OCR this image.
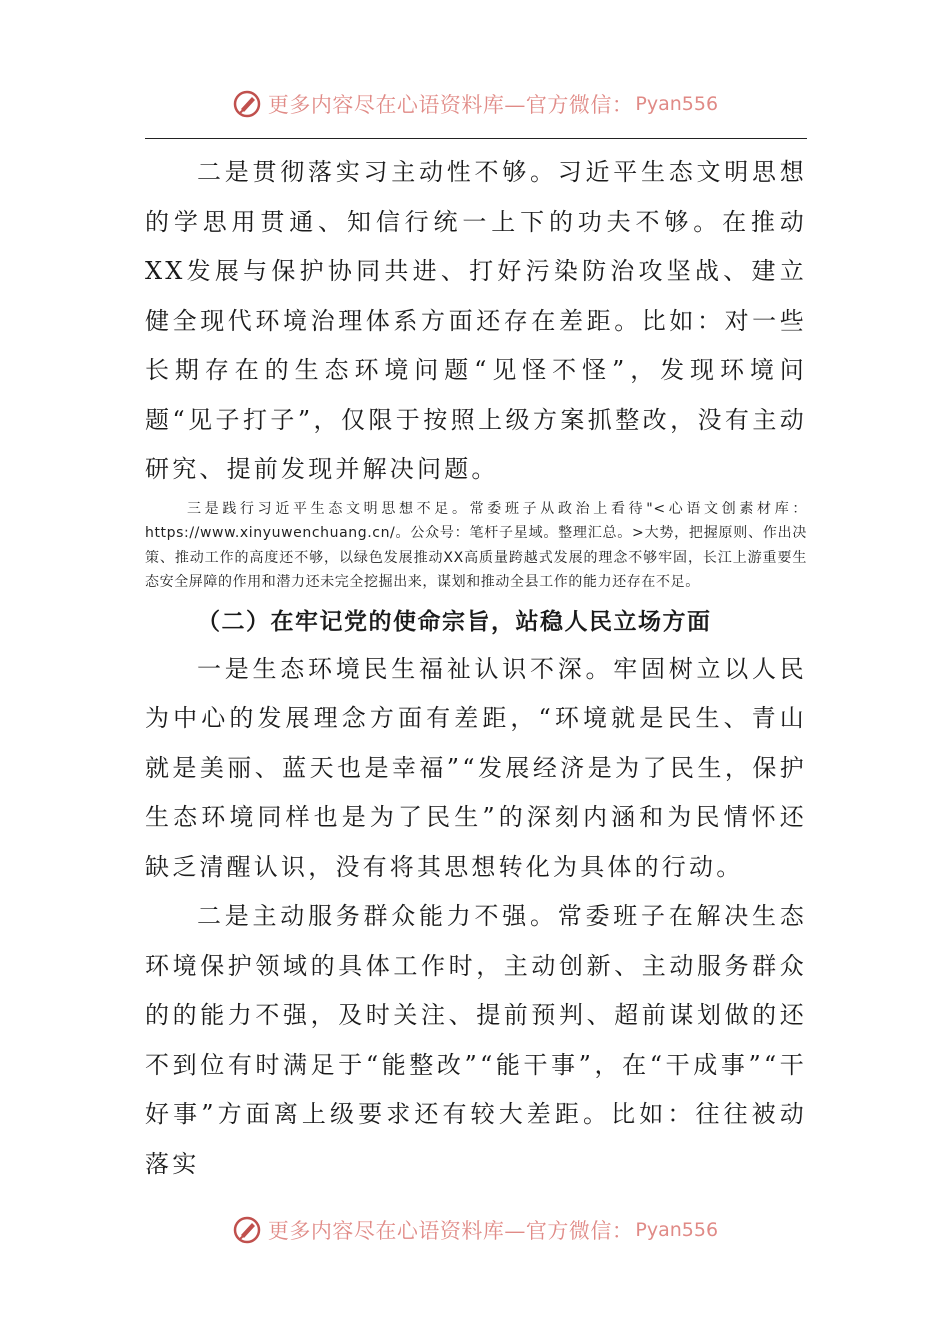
更多内容尽在心语资料库—官方微信： Pyan556

二是贯彻落实习主动性不够。习近平生态文明思想的学思用贯通、知信行统一上下的功夫不够。在推动XX发展与保护协同共进、打好污染防治攻坚战、建立健全现代环境治理体系方面还存在差距。比如：对一些长期存在的生态环境问题“见怪不怪”，发现环境问题“见子打子”，仅限于按照上级方案抓整改，没有主动研究、提前发现并解决问题。

三是践行习近平生态文明思想不足。常委班子从政治上看待"<心语文创素材库：https://www.xinyuwenchuang.cn/。公众号：笔杆子星域。整理汇总。>大势，把握原则、作出决策、推动工作的高度还不够，以绿色发展推动XX高质量跨越式发展的理念不够牢固，长江上游重要生态安全屏障的作用和潜力还未完全挖掘出来，谋划和推动全县工作的能力还存在不足。

（二）在牢记党的使命宗旨，站稳人民立场方面

一是生态环境民生福祉认识不深。牢固树立以人民为中心的发展理念方面有差距，“环境就是民生、青山就是美丽、蓝天也是幸福”“发展经济是为了民生，保护生态环境同样也是为了民生”的深刻内涵和为民情怀还缺乏清醒认识，没有将其思想转化为具体的行动。

二是主动服务群众能力不强。常委班子在解决生态环境保护领域的具体工作时，主动创新、主动服务群众的的能力不强，及时关注、提前预判、超前谋划做的还不到位有时满足于“能整改”“能干事”，在“干成事”“干好事”方面离上级要求还有较大差距。比如：往往被动落实

更多内容尽在心语资料库—官方微信： Pyan556
